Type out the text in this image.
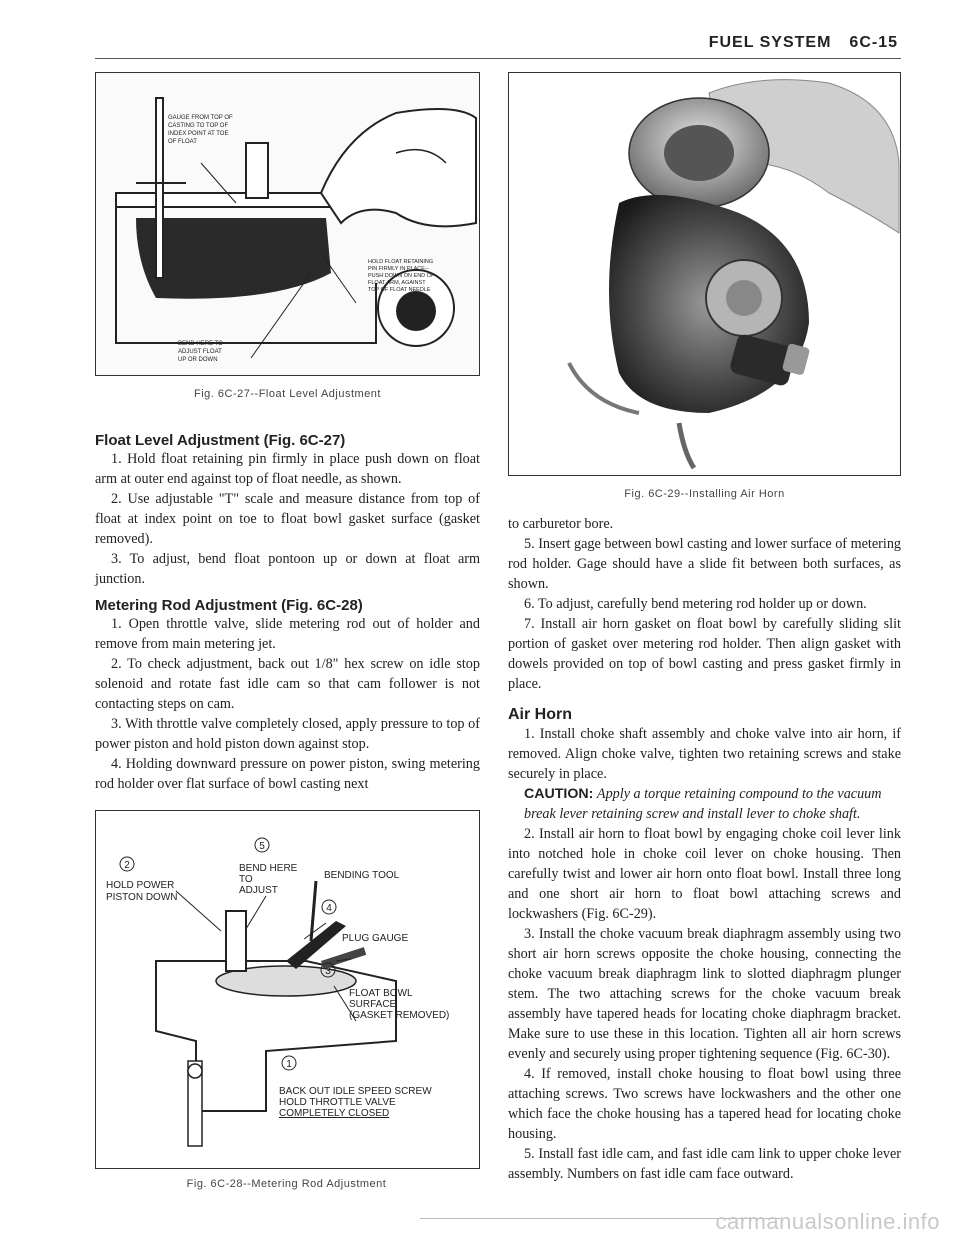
FUEL SYSTEM 6C-15
GAUGE FROM TOP OF
CASTING TO TOP OF
INDEX POINT AT TOE
OF FLOAT
HOLD FLOAT RETAINING
PIN FIRMLY IN PLACE--
PUSH DOWN ON END OF
FLOAT ARM, AGAINST
TOP OF FLOAT NEEDLE
BEND HERE TO
ADJUST FLOAT
UP OR DOWN
Fig. 6C-27--Float Level Adjustment
Float Level Adjustment (Fig. 6C-27)

1. Hold float retaining pin firmly in place push down on float arm at outer end against top of float needle, as shown.

2. Use adjustable "T" scale and measure distance from top of float at index point on toe to float bowl gasket surface (gasket removed).

3. To adjust, bend float pontoon up or down at float arm junction.

Metering Rod Adjustment (Fig. 6C-28)

1. Open throttle valve, slide metering rod out of holder and remove from main metering jet.

2. To check adjustment, back out 1/8" hex screw on idle stop solenoid and rotate fast idle cam so that cam follower is not contacting steps on cam.

3. With throttle valve completely closed, apply pressure to top of power piston and hold piston down against stop.

4. Holding downward pressure on power piston, swing metering rod holder over flat surface of bowl casting next

2
5
4
3
1
HOLD POWER
PISTON DOWN
BEND HERE
TO
ADJUST
BENDING TOOL
PLUG GAUGE
FLOAT BOWL
SURFACE
(GASKET REMOVED)
BACK OUT IDLE SPEED SCREW
HOLD THROTTLE VALVE
COMPLETELY CLOSED
Fig. 6C-28--Metering Rod Adjustment
Fig. 6C-29--Installing Air Horn

to carburetor bore.

5. Insert gage between bowl casting and lower surface of metering rod holder. Gage should have a slide fit between both surfaces, as shown.

6. To adjust, carefully bend metering rod holder up or down.

7. Install air horn gasket on float bowl by carefully sliding slit portion of gasket over metering rod holder. Then align gasket with dowels provided on top of bowl casting and press gasket firmly in place.

Air Horn

1. Install choke shaft assembly and choke valve into air horn, if removed. Align choke valve, tighten two retaining screws and stake securely in place.

CAUTION: Apply a torque retaining compound to the vacuum break lever retaining screw and install lever to choke shaft.

2. Install air horn to float bowl by engaging choke coil lever link into notched hole in choke coil lever on choke housing. Then carefully twist and lower air horn onto float bowl. Install three long and one short air horn to float bowl attaching screws and lockwashers (Fig. 6C-29).

3. Install the choke vacuum break diaphragm assembly using two short air horn screws opposite the choke housing, connecting the choke vacuum break diaphragm link to slotted diaphragm plunger stem. The two attaching screws for the choke vacuum break assembly have tapered heads for locating choke diaphragm bracket. Make sure to use these in this location. Tighten all air horn screws evenly and securely using proper tightening sequence (Fig. 6C-30).

4. If removed, install choke housing to float bowl using three attaching screws. Two screws have lockwashers and the other one which face the choke housing has a tapered head for locating choke housing.

5. Install fast idle cam, and fast idle cam link to upper choke lever assembly. Numbers on fast idle cam face outward.

carmanualsonline.info
